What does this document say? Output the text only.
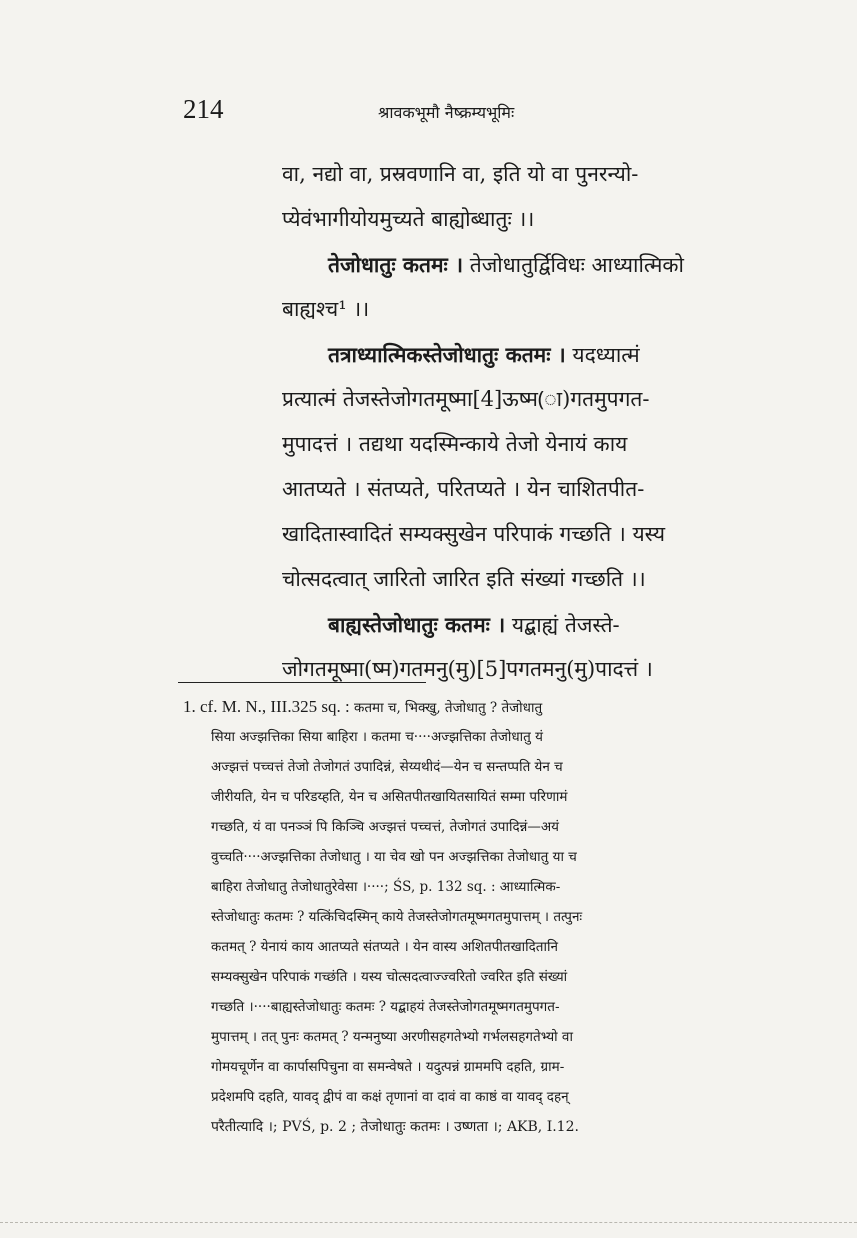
214	श्रावकभूमौ नैष्क्रम्यभूमिः
वा, नद्यो वा, प्रस्रवणानि वा, इति यो वा पुनरन्यो-
प्येवंभागीयोयमुच्यते बाह्योब्धातुः ।।
तेजोधातुः कतमः । तेजोधातुर्द्विविधः आध्यात्मिको
बाह्यश्च¹ ।।
तत्राध्यात्मिकस्तेजोधातुः कतमः । यदध्यात्मं
प्रत्यात्मं तेजस्तेजोगतमूष्मा[4]ऊष्म(ा)गतमुपगत-
मुपादत्तं । तद्यथा यदस्मिन्काये तेजो येनायं काय
आतप्यते । संतप्यते, परितप्यते । येन चाशितपीत-
खादितास्वादितं सम्यक्सुखेन परिपाकं गच्छति । यस्य
चोत्सदत्वात् जारितो जारित इति संख्यां गच्छति ।।
बाह्यस्तेजोधातुः कतमः । यद्बाह्यं तेजस्ते-
जोगतमूष्मा(ष्म)गतमनु(मु)[5]पगतमनु(मु)पादत्तं ।
1. cf. M. N., III.325 sq. : कतमा च, भिक्खु, तेजोधातु ? तेजोधातु
सिया अज्झत्तिका सिया बाहिरा । कतमा च····अज्झत्तिका तेजोधातु यं
अज्झत्तं पच्चत्तं तेजो तेजोगतं उपादिन्नं, सेय्यथीदं—येन च सन्तप्पति येन च
जीरीयति, येन च परिडय्हति, येन च असितपीतखायितसायितं सम्मा परिणामं
गच्छति, यं वा पनञ्ञं पि किञ्चि अज्झत्तं पच्चत्तं, तेजोगतं उपादिन्नं—अयं
वुच्चति····अज्झत्तिका तेजोधातु । या चेव खो पन अज्झत्तिका तेजोधातु या च
बाहिरा तेजोधातु तेजोधातुरेवेसा ।····; ŚS, p. 132 sq. : आध्यात्मिक-
स्तेजोधातुः कतमः ? यत्किंचिदस्मिन् काये तेजस्तेजोगतमूष्मगतमुपात्तम् । तत्पुनः
कतमत् ? येनायं काय आतप्यते संतप्यते । येन वास्य अशितपीतखादितानि
सम्यक्सुखेन परिपाकं गच्छंति । यस्य चोत्सदत्वाज्ज्वरितो ज्वरित इति संख्यां
गच्छति ।····बाह्यस्तेजोधातुः कतमः ? यद्बाहयं तेजस्तेजोगतमूष्मगतमुपगत-
मुपात्तम् । तत् पुनः कतमत् ? यन्मनुष्या अरणीसहगतेभ्यो गर्भलसहगतेभ्यो वा
गोमयचूर्णेन वा कार्पासपिचुना वा समन्वेषते । यदुत्पन्नं ग्राममपि दहति, ग्राम-
प्रदेशमपि दहति, यावद् द्वीपं वा कक्षं तृणानां वा दावं वा काष्ठं वा यावद् दहन्
परैतीत्यादि ।; PVŚ, p. 2 ; तेजोधातुः कतमः । उष्णता ।; AKB, I.12.
